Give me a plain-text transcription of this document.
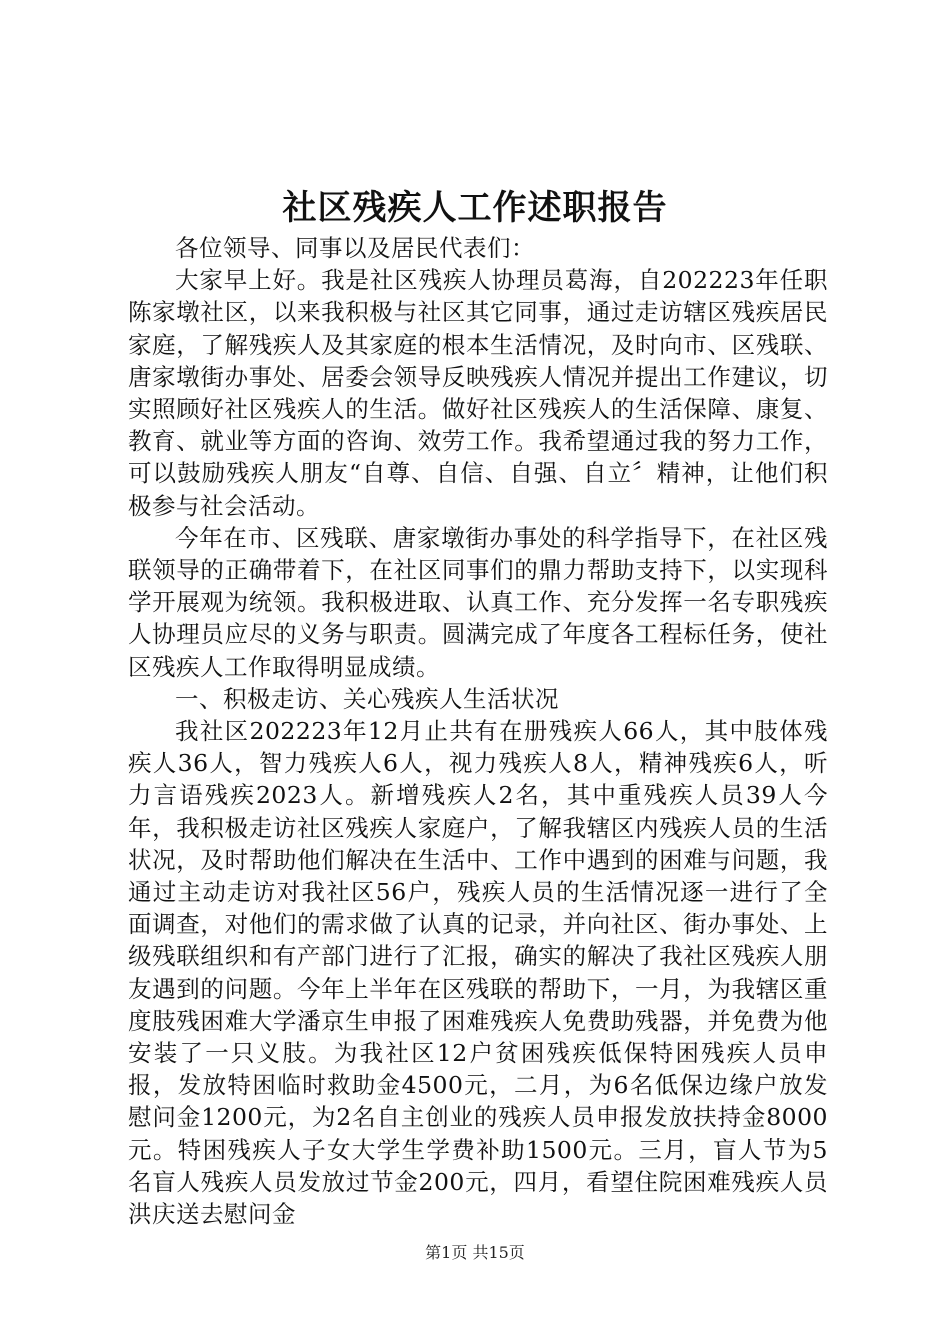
社区残疾人工作述职报告

各位领导、同事以及居民代表们：

大家早上好。我是社区残疾人协理员葛海，自202223年任职陈家墩社区，以来我积极与社区其它同事，通过走访辖区残疾居民家庭，了解残疾人及其家庭的根本生活情况，及时向市、区残联、唐家墩街办事处、居委会领导反映残疾人情况并提出工作建议，切实照顾好社区残疾人的生活。做好社区残疾人的生活保障、康复、教育、就业等方面的咨询、效劳工作。我希望通过我的努力工作，可以鼓励残疾人朋友“自尊、自信、自强、自立〞精神，让他们积极参与社会活动。

今年在市、区残联、唐家墩街办事处的科学指导下，在社区残联领导的正确带着下，在社区同事们的鼎力帮助支持下，以实现科学开展观为统领。我积极进取、认真工作、充分发挥一名专职残疾人协理员应尽的义务与职责。圆满完成了年度各工程标任务，使社区残疾人工作取得明显成绩。

一、积极走访、关心残疾人生活状况

我社区202223年12月止共有在册残疾人66人，其中肢体残疾人36人，智力残疾人6人，视力残疾人8人，精神残疾6人，听力言语残疾2023人。新增残疾人2名，其中重残疾人员39人今年，我积极走访社区残疾人家庭户，了解我辖区内残疾人员的生活状况，及时帮助他们解决在生活中、工作中遇到的困难与问题，我通过主动走访对我社区56户，残疾人员的生活情况逐一进行了全面调查，对他们的需求做了认真的记录，并向社区、街办事处、上级残联组织和有产部门进行了汇报，确实的解决了我社区残疾人朋友遇到的问题。今年上半年在区残联的帮助下，一月，为我辖区重度肢残困难大学潘京生申报了困难残疾人免费助残器，并免费为他安装了一只义肢。为我社区12户贫困残疾低保特困残疾人员申报，发放特困临时救助金4500元，二月，为6名低保边缘户放发慰问金1200元，为2名自主创业的残疾人员申报发放扶持金8000元。特困残疾人子女大学生学费补助1500元。三月，盲人节为5名盲人残疾人员发放过节金200元，四月，看望住院困难残疾人员洪庆送去慰问金

第1页 共15页
